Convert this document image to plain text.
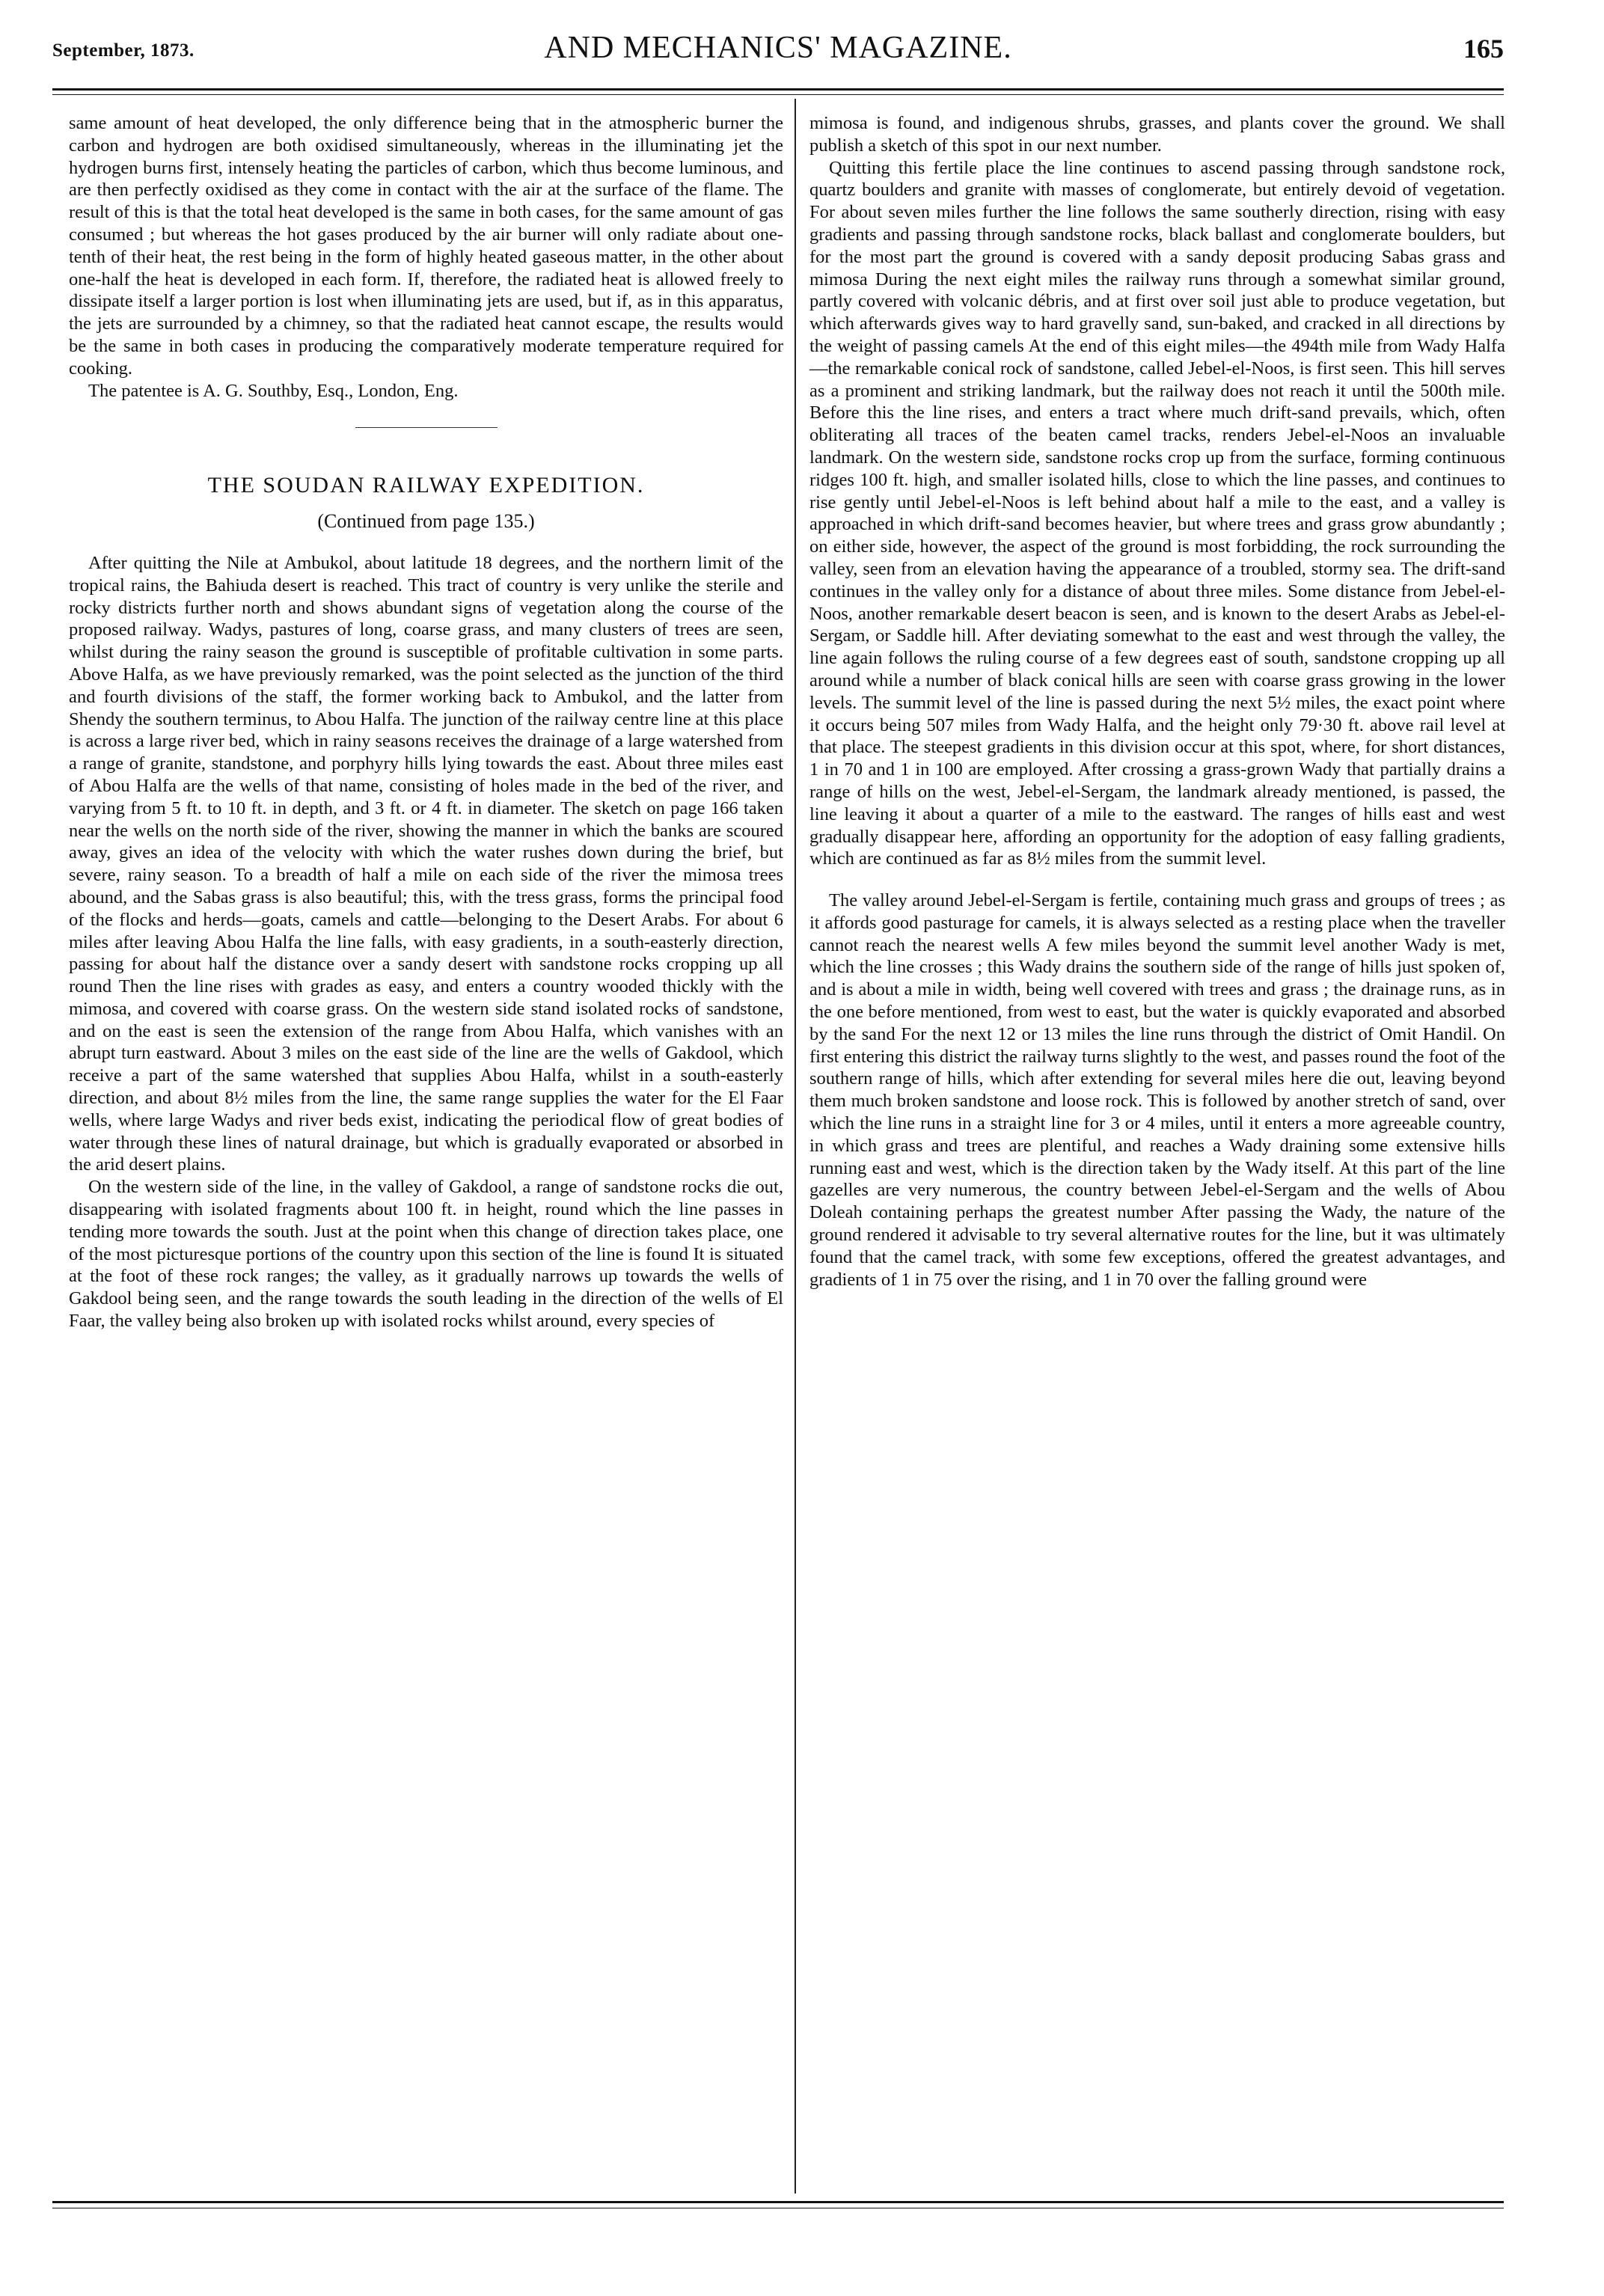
September, 1873.	AND MECHANICS' MAGAZINE.	165

same amount of heat developed, the only difference being that in the atmospheric burner the carbon and hydrogen are both oxidised simultaneously, whereas in the illuminating jet the hydrogen burns first, intensely heating the particles of carbon, which thus become luminous, and are then perfectly oxidised as they come in contact with the air at the surface of the flame. The result of this is that the total heat developed is the same in both cases, for the same amount of gas consumed ; but whereas the hot gases produced by the air burner will only radiate about one-tenth of their heat, the rest being in the form of highly heated gaseous matter, in the other about one-half the heat is developed in each form. If, therefore, the radiated heat is allowed freely to dissipate itself a larger portion is lost when illuminating jets are used, but if, as in this apparatus, the jets are surrounded by a chimney, so that the radiated heat cannot escape, the results would be the same in both cases in producing the comparatively moderate temperature required for cooking.

The patentee is A. G. Southby, Esq., London, Eng.

THE SOUDAN RAILWAY EXPEDITION.
(Continued from page 135.)

After quitting the Nile at Ambukol, about latitude 18 degrees, and the northern limit of the tropical rains, the Bahiuda desert is reached. This tract of country is very unlike the sterile and rocky districts further north and shows abundant signs of vegetation along the course of the proposed railway. Wadys, pastures of long, coarse grass, and many clusters of trees are seen, whilst during the rainy season the ground is susceptible of profitable cultivation in some parts. Above Halfa, as we have previously remarked, was the point selected as the junction of the third and fourth divisions of the staff, the former working back to Ambukol, and the latter from Shendy the southern terminus, to Abou Halfa. The junction of the railway centre line at this place is across a large river bed, which in rainy seasons receives the drainage of a large watershed from a range of granite, standstone, and porphyry hills lying towards the east. About three miles east of Abou Halfa are the wells of that name, consisting of holes made in the bed of the river, and varying from 5 ft. to 10 ft. in depth, and 3 ft. or 4 ft. in diameter. The sketch on page 166 taken near the wells on the north side of the river, showing the manner in which the banks are scoured away, gives an idea of the velocity with which the water rushes down during the brief, but severe, rainy season. To a breadth of half a mile on each side of the river the mimosa trees abound, and the Sabas grass is also beautiful; this, with the tress grass, forms the principal food of the flocks and herds—goats, camels and cattle—belonging to the Desert Arabs. For about 6 miles after leaving Abou Halfa the line falls, with easy gradients, in a south-easterly direction, passing for about half the distance over a sandy desert with sandstone rocks cropping up all round Then the line rises with grades as easy, and enters a country wooded thickly with the mimosa, and covered with coarse grass. On the western side stand isolated rocks of sandstone, and on the east is seen the extension of the range from Abou Halfa, which vanishes with an abrupt turn eastward. About 3 miles on the east side of the line are the wells of Gakdool, which receive a part of the same watershed that supplies Abou Halfa, whilst in a south-easterly direction, and about 8½ miles from the line, the same range supplies the water for the El Faar wells, where large Wadys and river beds exist, indicating the periodical flow of great bodies of water through these lines of natural drainage, but which is gradually evaporated or absorbed in the arid desert plains.

On the western side of the line, in the valley of Gakdool, a range of sandstone rocks die out, disappearing with isolated fragments about 100 ft. in height, round which the line passes in tending more towards the south. Just at the point when this change of direction takes place, one of the most picturesque portions of the country upon this section of the line is found It is situated at the foot of these rock ranges; the valley, as it gradually narrows up towards the wells of Gakdool being seen, and the range towards the south leading in the direction of the wells of El Faar, the valley being also broken up with isolated rocks whilst around, every species of

mimosa is found, and indigenous shrubs, grasses, and plants cover the ground. We shall publish a sketch of this spot in our next number.

Quitting this fertile place the line continues to ascend passing through sandstone rock, quartz boulders and granite with masses of conglomerate, but entirely devoid of vegetation. For about seven miles further the line follows the same southerly direction, rising with easy gradients and passing through sandstone rocks, black ballast and conglomerate boulders, but for the most part the ground is covered with a sandy deposit producing Sabas grass and mimosa During the next eight miles the railway runs through a somewhat similar ground, partly covered with volcanic débris, and at first over soil just able to produce vegetation, but which afterwards gives way to hard gravelly sand, sun-baked, and cracked in all directions by the weight of passing camels At the end of this eight miles—the 494th mile from Wady Halfa—the remarkable conical rock of sandstone, called Jebel-el-Noos, is first seen. This hill serves as a prominent and striking landmark, but the railway does not reach it until the 500th mile. Before this the line rises, and enters a tract where much drift-sand prevails, which, often obliterating all traces of the beaten camel tracks, renders Jebel-el-Noos an invaluable landmark. On the western side, sandstone rocks crop up from the surface, forming continuous ridges 100 ft. high, and smaller isolated hills, close to which the line passes, and continues to rise gently until Jebel-el-Noos is left behind about half a mile to the east, and a valley is approached in which drift-sand becomes heavier, but where trees and grass grow abundantly ; on either side, however, the aspect of the ground is most forbidding, the rock surrounding the valley, seen from an elevation having the appearance of a troubled, stormy sea. The drift-sand continues in the valley only for a distance of about three miles. Some distance from Jebel-el-Noos, another remarkable desert beacon is seen, and is known to the desert Arabs as Jebel-el-Sergam, or Saddle hill. After deviating somewhat to the east and west through the valley, the line again follows the ruling course of a few degrees east of south, sandstone cropping up all around while a number of black conical hills are seen with coarse grass growing in the lower levels. The summit level of the line is passed during the next 5½ miles, the exact point where it occurs being 507 miles from Wady Halfa, and the height only 79·30 ft. above rail level at that place. The steepest gradients in this division occur at this spot, where, for short distances, 1 in 70 and 1 in 100 are employed. After crossing a grass-grown Wady that partially drains a range of hills on the west, Jebel-el-Sergam, the landmark already mentioned, is passed, the line leaving it about a quarter of a mile to the eastward. The ranges of hills east and west gradually disappear here, affording an opportunity for the adoption of easy falling gradients, which are continued as far as 8½ miles from the summit level.

The valley around Jebel-el-Sergam is fertile, containing much grass and groups of trees ; as it affords good pasturage for camels, it is always selected as a resting place when the traveller cannot reach the nearest wells A few miles beyond the summit level another Wady is met, which the line crosses ; this Wady drains the southern side of the range of hills just spoken of, and is about a mile in width, being well covered with trees and grass ; the drainage runs, as in the one before mentioned, from west to east, but the water is quickly evaporated and absorbed by the sand For the next 12 or 13 miles the line runs through the district of Omit Handil. On first entering this district the railway turns slightly to the west, and passes round the foot of the southern range of hills, which after extending for several miles here die out, leaving beyond them much broken sandstone and loose rock. This is followed by another stretch of sand, over which the line runs in a straight line for 3 or 4 miles, until it enters a more agreeable country, in which grass and trees are plentiful, and reaches a Wady draining some extensive hills running east and west, which is the direction taken by the Wady itself. At this part of the line gazelles are very numerous, the country between Jebel-el-Sergam and the wells of Abou Doleah containing perhaps the greatest number After passing the Wady, the nature of the ground rendered it advisable to try several alternative routes for the line, but it was ultimately found that the camel track, with some few exceptions, offered the greatest advantages, and gradients of 1 in 75 over the rising, and 1 in 70 over the falling ground were
